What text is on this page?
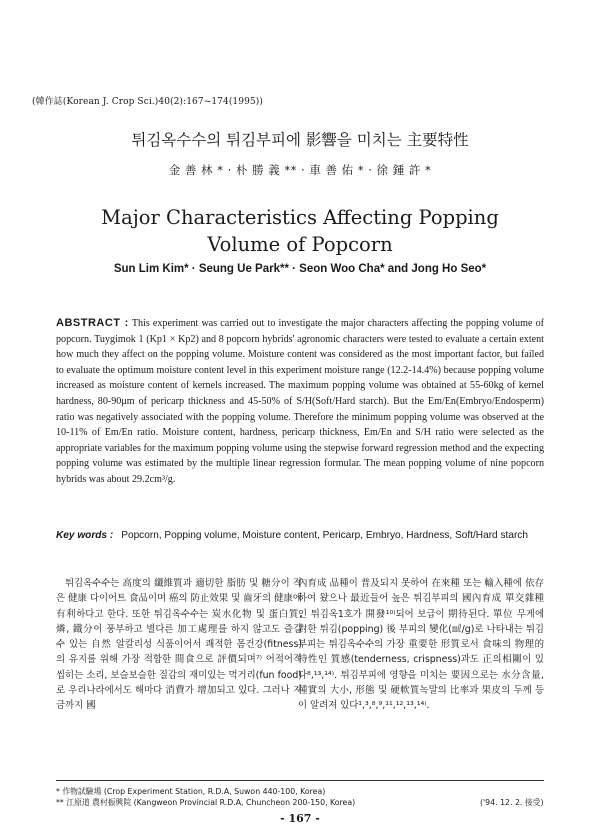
(韓作誌(Korean J. Crop Sci.)40(2):167~174(1995))
튀김옥수수의 튀김부피에 影響을 미치는 主要特性
金 善 林 * · 朴 勝 義 ** · 車 善 佑 * · 徐 鍾 許 *
Major Characteristics Affecting Popping
Volume of Popcorn
Sun Lim Kim* · Seung Ue Park** · Seon Woo Cha* and Jong Ho Seo*
ABSTRACT : This experiment was carried out to investigate the major characters affecting the popping volume of popcorn. Tuygimok 1 (Kp1 × Kp2) and 8 popcorn hybrids' agronomic characters were tested to evaluate a certain extent how much they affect on the popping volume. Moisture content was considered as the most important factor, but failed to evaluate the optimum moisture content level in this experiment moisture range (12.2-14.4%) because popping volume increased as moisture content of kernels increased. The maximum popping volume was obtained at 55-60kg of kernel hardness, 80-90μm of pericarp thickness and 45-50% of S/H(Soft/Hard starch). But the Em/En(Embryo/Endosperm) ratio was negatively associated with the popping volume. Therefore the minimum popping volume was observed at the 10-11% of Em/En ratio. Moisture content, hardness, pericarp thickness, Em/En and S/H ratio were selected as the appropriate variables for the maximum popping volume using the stepwise forward regression method and the expecting popping volume was estimated by the multiple linear regression formular. The mean popping volume of nine popcorn hybrids was about 29.2cm³/g.
Key words : Popcorn, Popping volume, Moisture content, Pericarp, Embryo, Hardness, Soft/Hard starch
튀김옥수수는 高度의 纖維質과 適切한 脂肪 및 糖分이 적은 健康 다이어트 食品이며 癌의 防止效果 및 齒牙의 健康에 有利하다고 한다. 또한 튀김옥수수는 炭水化物 및 蛋白質, 燐, 鐵分이 풍부하고 별다른 加工處理를 하지 않고도 즐길 수 있는 自然 알칼리성 식품이어서 쾌적한 몸건강(fitness)의 유지를 위해 가장 적합한 間食으로 評價되며⁷⁾ 어적어적 씹히는 소리, 보슬보슬한 질감의 재미있는 먹거리(fun food)로 우리나라에서도 해마다 消費가 增加되고 있다. 그러나 지금까지 國
內育成 品種이 普及되지 못하여 在來種 또는 輸入種에 依存하여 왔으나 最近들어 높은 튀김부피의 國內育成 單交雜種인 튀김옥1호가 開發¹⁰⁾되어 보급이 期待된다. 單位 무게에 對한 튀김(popping) 後 부피의 變化(㎖/g)로 나타내는 튀김부피는 튀김옥수수의 가장 重要한 形質로서 食味의 物理的 特性인 質感(tenderness, crispness)과도 正의相關이 있다⁸,¹³,¹⁴⁾. 튀김부피에 영향을 미치는 要因으로는 水分含量, 種實의 大小, 形態 및 硬軟質녹말의 比率과 果皮의 두께 등이 알려져 있다¹,³,⁸,⁹,¹¹,¹²,¹³,¹⁴⁾.
* 作物試驗場 (Crop Experiment Station, R.D.A, Suwon 440-100, Korea)
** 江原道 農村振興院 (Kangweon Provincial R.D.A, Chuncheon 200-150, Korea)	('94. 12. 2. 接受)
- 167 -
